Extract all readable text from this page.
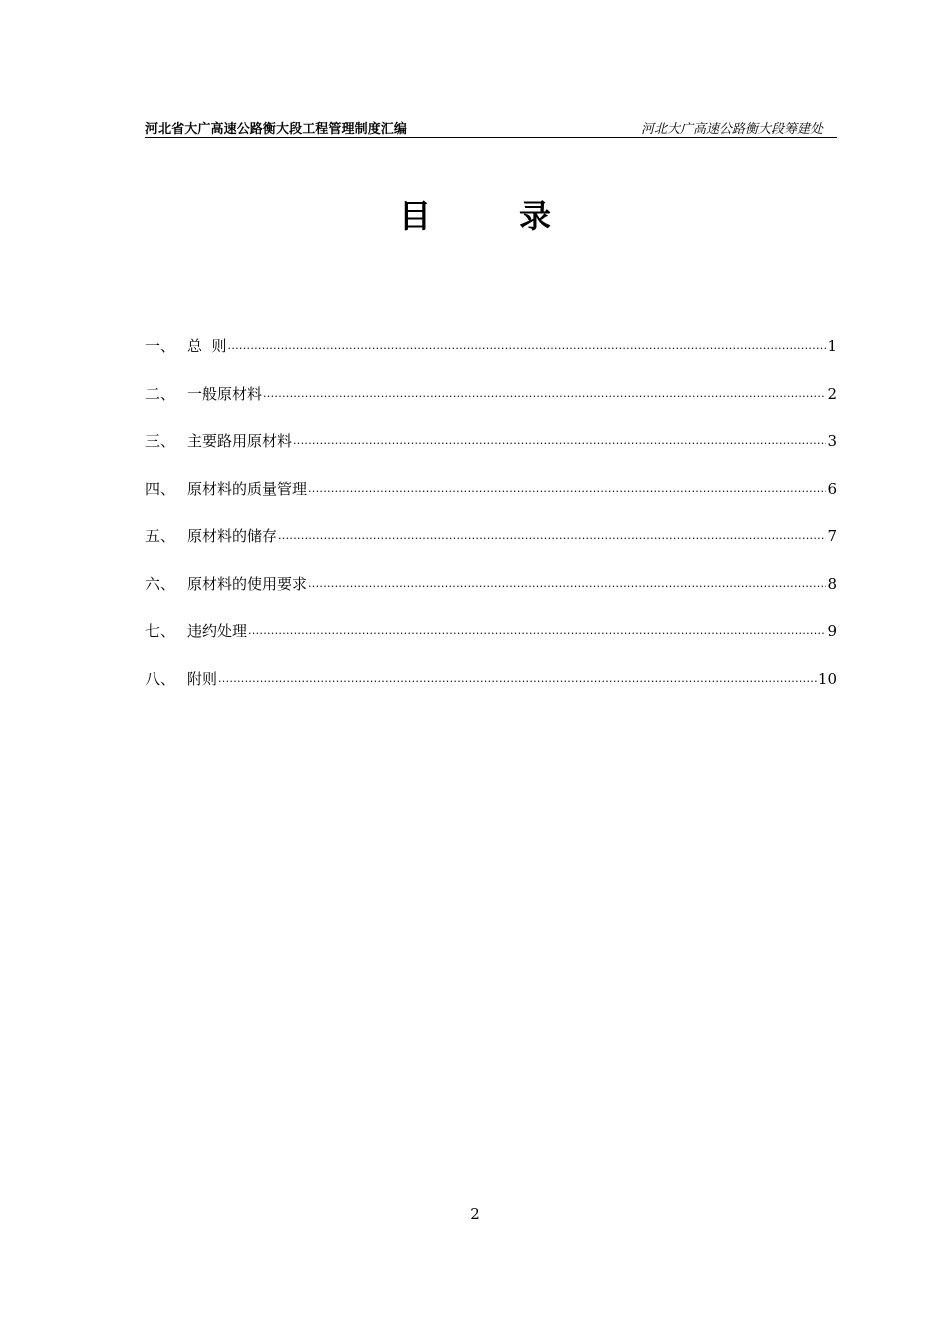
河北省大广高速公路衡大段工程管理制度汇编	河北大广高速公路衡大段筹建处
目	录
一、 总  则 .....	1
二、 一般原材料 .....	2
三、 主要路用原材料 .....	3
四、 原材料的质量管理 .....	6
五、 原材料的储存 .....	7
六、 原材料的使用要求 .....	8
七、 违约处理 .....	9
八、 附则 .....	10
2
